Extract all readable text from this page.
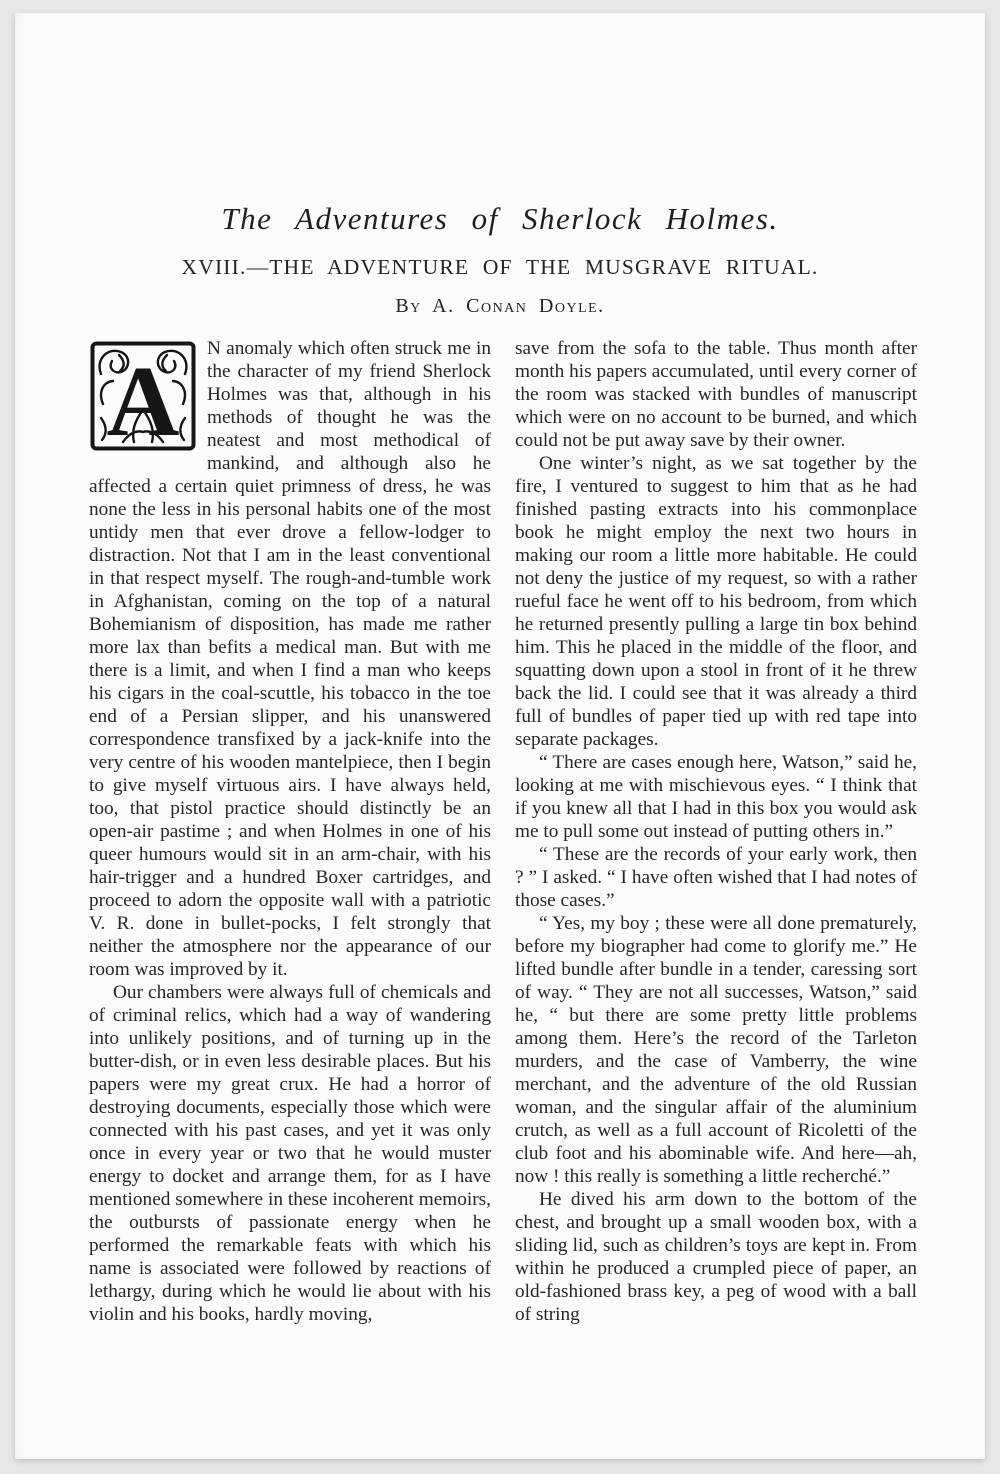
The Adventures of Sherlock Holmes.
XVIII.—THE ADVENTURE OF THE MUSGRAVE RITUAL.
By A. Conan Doyle.

A N anomaly which often struck me in the character of my friend Sherlock Holmes was that, although in his methods of thought he was the neatest and most methodical of mankind, and although also he affected a certain quiet primness of dress, he was none the less in his personal habits one of the most untidy men that ever drove a fellow-lodger to distraction. Not that I am in the least conventional in that respect myself. The rough-and-tumble work in Afghanistan, coming on the top of a natural Bohemianism of disposition, has made me rather more lax than befits a medical man. But with me there is a limit, and when I find a man who keeps his cigars in the coal-scuttle, his tobacco in the toe end of a Persian slipper, and his unanswered correspondence transfixed by a jack-knife into the very centre of his wooden mantelpiece, then I begin to give myself virtuous airs. I have always held, too, that pistol practice should distinctly be an open-air pastime ; and when Holmes in one of his queer humours would sit in an arm-chair, with his hair-trigger and a hundred Boxer cartridges, and proceed to adorn the opposite wall with a patriotic V. R. done in bullet-pocks, I felt strongly that neither the atmosphere nor the appearance of our room was improved by it.

Our chambers were always full of chemicals and of criminal relics, which had a way of wandering into unlikely positions, and of turning up in the butter-dish, or in even less desirable places. But his papers were my great crux. He had a horror of destroying documents, especially those which were connected with his past cases, and yet it was only once in every year or two that he would muster energy to docket and arrange them, for as I have mentioned somewhere in these incoherent memoirs, the outbursts of passionate energy when he performed the remarkable feats with which his name is associated were followed by reactions of lethargy, during which he would lie about with his violin and his books, hardly moving,

save from the sofa to the table. Thus month after month his papers accumulated, until every corner of the room was stacked with bundles of manuscript which were on no account to be burned, and which could not be put away save by their owner.

One winter’s night, as we sat together by the fire, I ventured to suggest to him that as he had finished pasting extracts into his commonplace book he might employ the next two hours in making our room a little more habitable. He could not deny the justice of my request, so with a rather rueful face he went off to his bedroom, from which he returned presently pulling a large tin box behind him. This he placed in the middle of the floor, and squatting down upon a stool in front of it he threw back the lid. I could see that it was already a third full of bundles of paper tied up with red tape into separate packages.

“ There are cases enough here, Watson,” said he, looking at me with mischievous eyes. “ I think that if you knew all that I had in this box you would ask me to pull some out instead of putting others in.”

“ These are the records of your early work, then ? ” I asked. “ I have often wished that I had notes of those cases.”

“ Yes, my boy ; these were all done prematurely, before my biographer had come to glorify me.” He lifted bundle after bundle in a tender, caressing sort of way. “ They are not all successes, Watson,” said he, “ but there are some pretty little problems among them. Here’s the record of the Tarleton murders, and the case of Vamberry, the wine merchant, and the adventure of the old Russian woman, and the singular affair of the aluminium crutch, as well as a full account of Ricoletti of the club foot and his abominable wife. And here—ah, now ! this really is something a little recherché.”

He dived his arm down to the bottom of the chest, and brought up a small wooden box, with a sliding lid, such as children’s toys are kept in. From within he produced a crumpled piece of paper, an old-fashioned brass key, a peg of wood with a ball of string
